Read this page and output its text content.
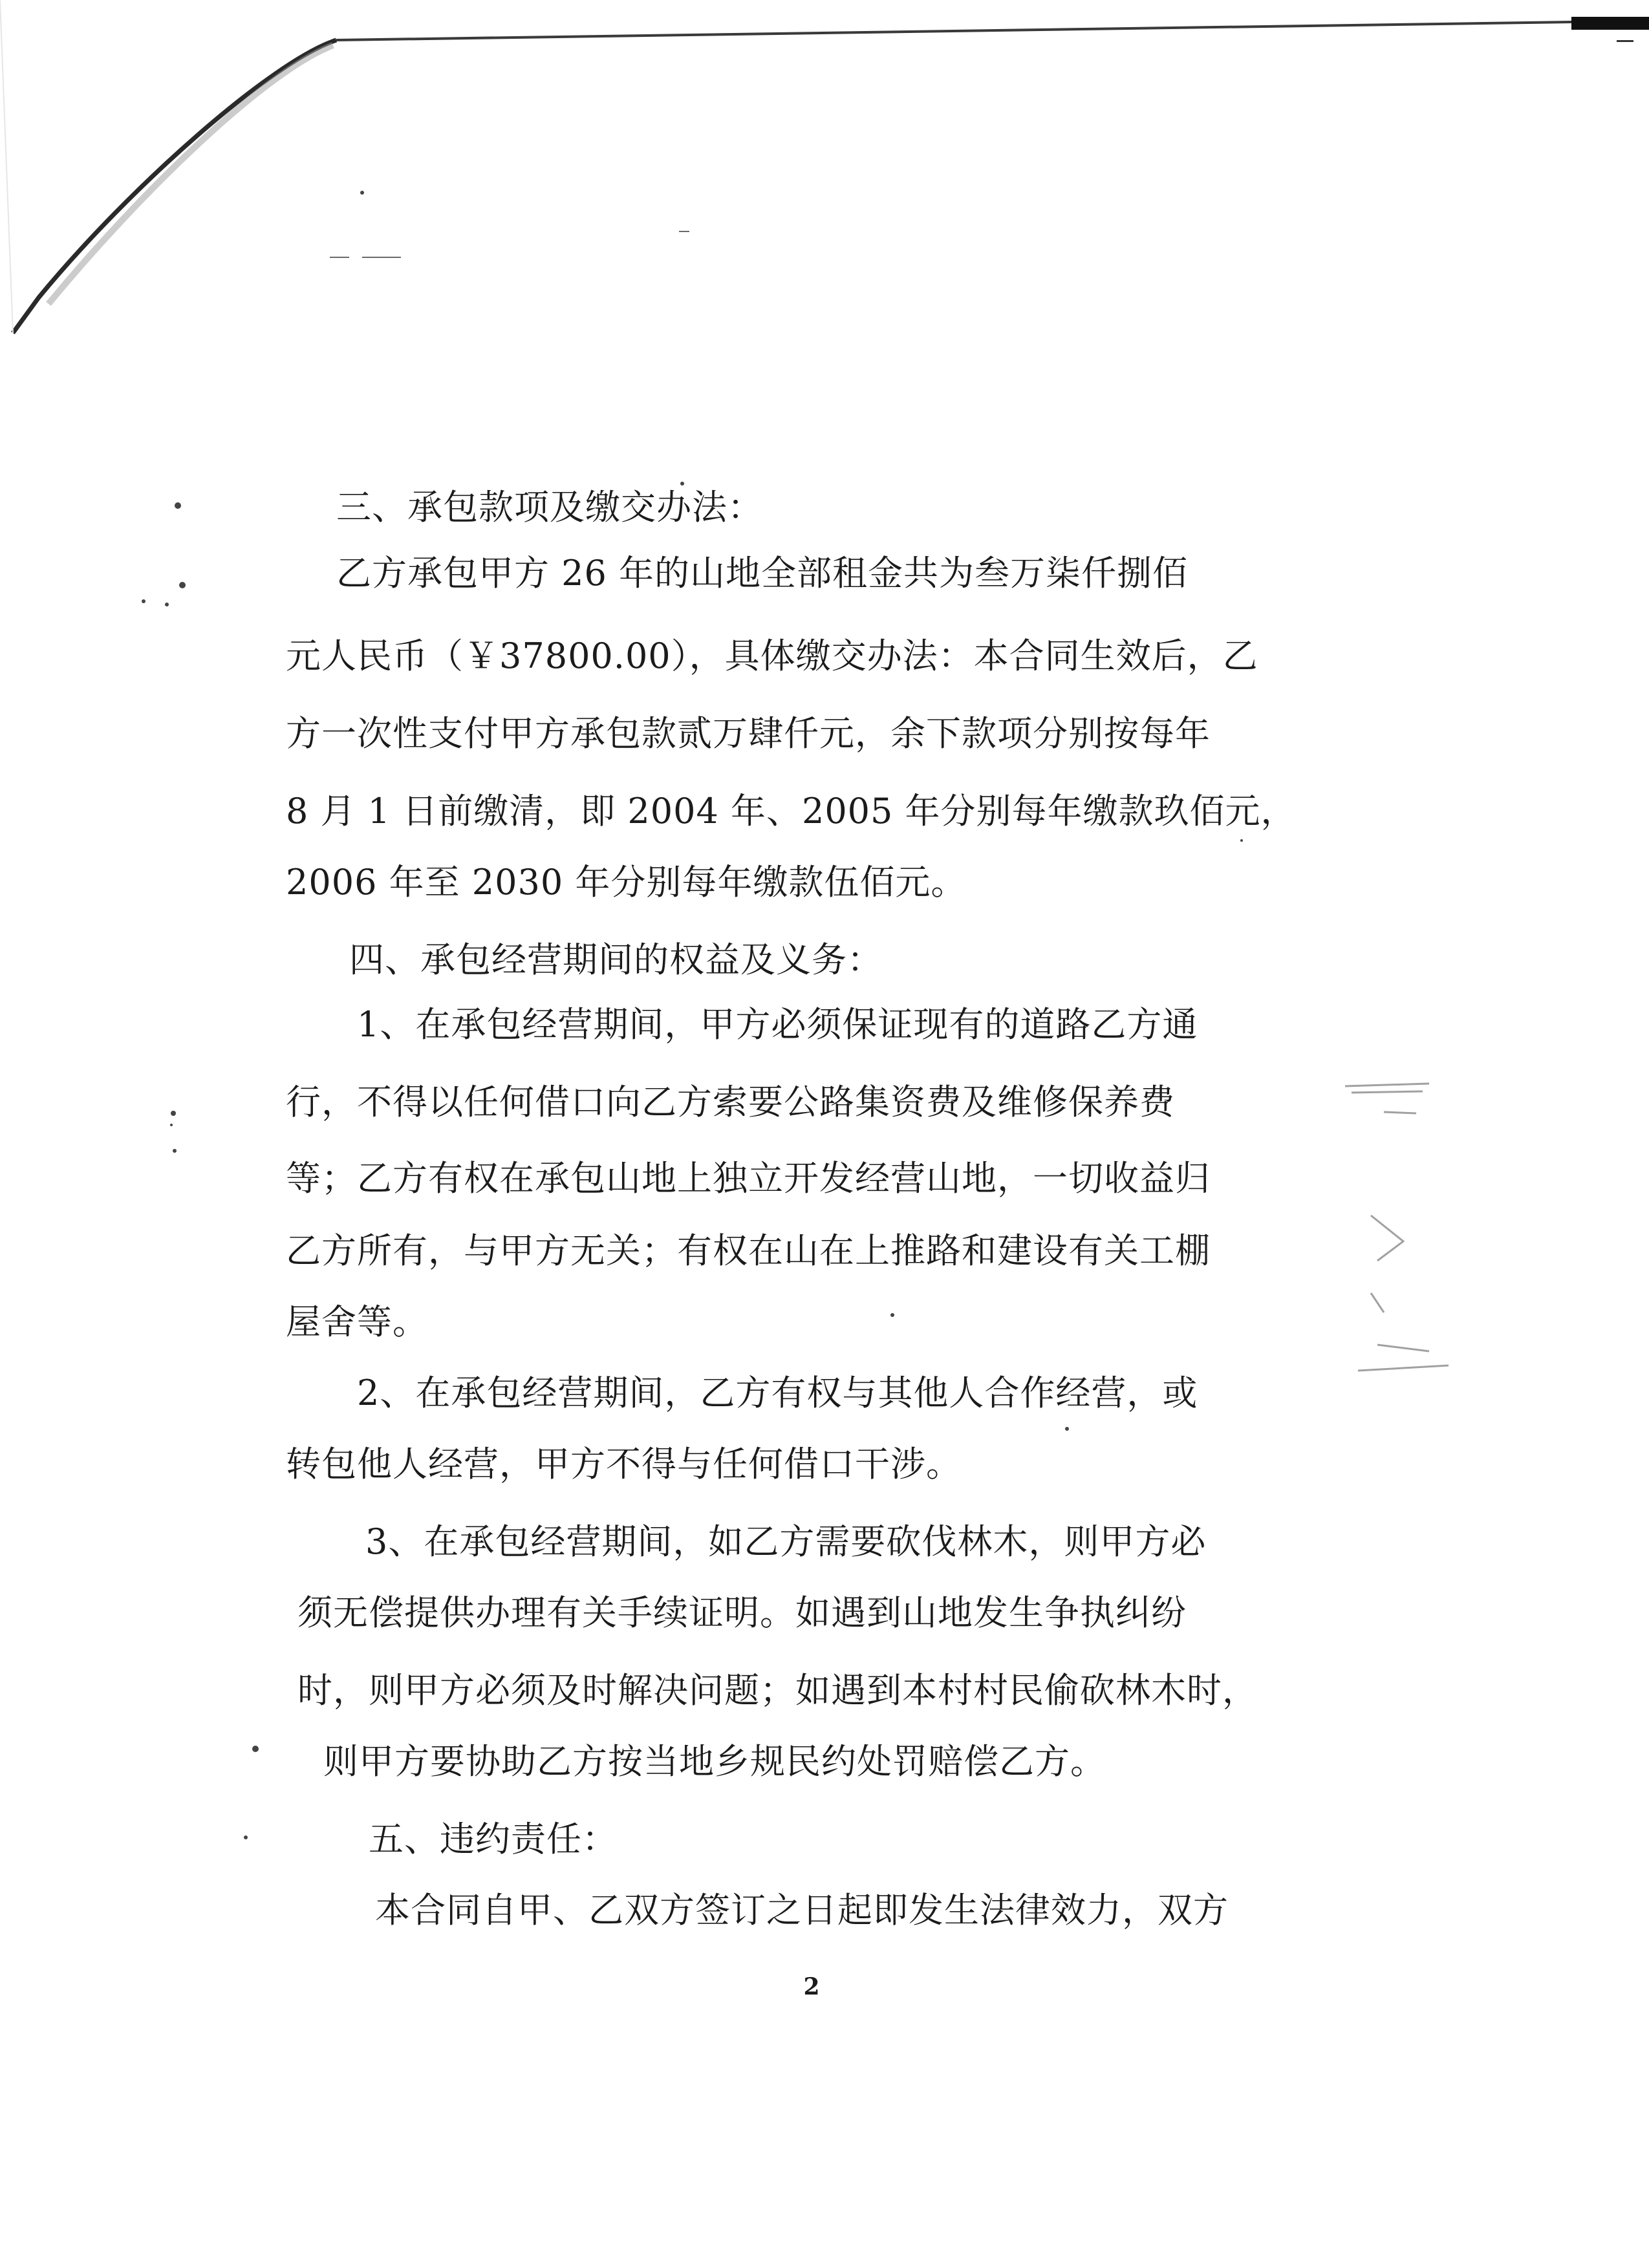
三、承包款项及缴交办法：
乙方承包甲方 26 年的山地全部租金共为叁万柒仟捌佰
元人民币（￥37800.00），具体缴交办法：本合同生效后，乙
方一次性支付甲方承包款贰万肆仟元，余下款项分别按每年
8 月 1 日前缴清，即 2004 年、2005 年分别每年缴款玖佰元，
2006 年至 2030 年分别每年缴款伍佰元。
四、承包经营期间的权益及义务：
1、在承包经营期间，甲方必须保证现有的道路乙方通
行，不得以任何借口向乙方索要公路集资费及维修保养费
等；乙方有权在承包山地上独立开发经营山地，一切收益归
乙方所有，与甲方无关；有权在山在上推路和建设有关工棚
屋舍等。
2、在承包经营期间，乙方有权与其他人合作经营，或
转包他人经营，甲方不得与任何借口干涉。
3、在承包经营期间，如乙方需要砍伐林木，则甲方必
须无偿提供办理有关手续证明。如遇到山地发生争执纠纷
时，则甲方必须及时解决问题；如遇到本村村民偷砍林木时，
则甲方要协助乙方按当地乡规民约处罚赔偿乙方。
五、违约责任：
本合同自甲、乙双方签订之日起即发生法律效力，双方
2
